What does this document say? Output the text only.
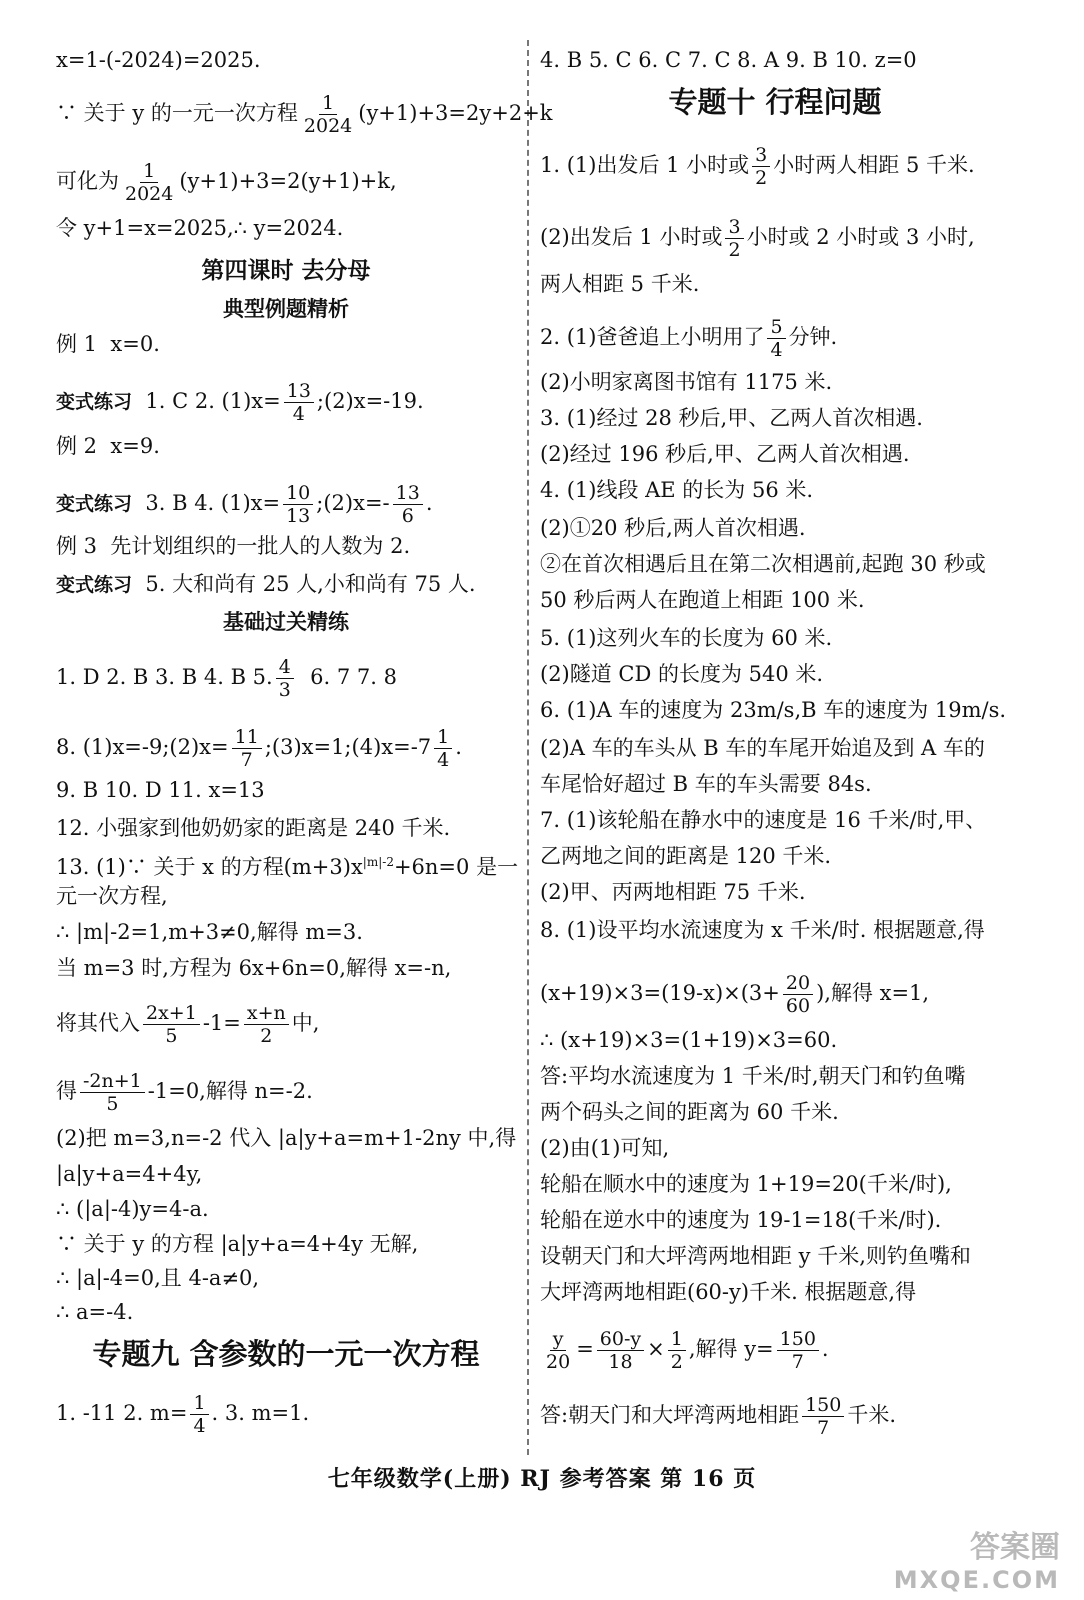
x=1-(-2024)=2025.
∵ 关于 y 的一元一次方程 $\frac{1}{2024} (y+1)+3=2y+2+k$
可化为 $\frac{1}{2024} (y+1)+3=2(y+1)+k$,
令 y+1=x=2025,∴ y=2024.
第四课时 去分母
典型例题精析
例 1 x=0.
变式练习 1. C 2. $(1)x= \frac{13}{4}$ ;(2)x=-19.
例 2 x=9.
变式练习 3. B 4. $(1)x= \frac{10}{13}$ ;(2)x=- $\frac{13}{6}$ .
例 3 先计划组织的一批人的人数为 2.
变式练习 5. 大和尚有 25 人,小和尚有 75 人.
基础过关精练
1. D 2. B 3. B 4. B 5. $\frac{4}{3} 6$. 7 7. 8
8. (1)x=-9;(2)x= $\frac{11}{7}$ ;(3)x=1;(4)x=-7 $\frac{1}{4}$ .
9. B 10. D 11. x=13
12. 小强家到他奶奶家的距离是 240 千米.
13. (1)∵ 关于 x 的方程$(m+3)x^{|m|-2}+6n=0$ 是一
元一次方程,
∴ |m|-2=1,m+3≠0,解得 m=3.
当 m=3 时,方程为 6x+6n=0,解得 x=-n,
将其代入 $\frac{2x+1}{5} -1= \frac{x+n}{2}$ 中,
得 $\frac{-2n+1}{5} -1=0$,解得 n=-2.
(2)把 m=3,n=-2 代入 |a|y+a=m+1-2ny 中,得
|a|y+a=4+4y,
∴ (|a|-4)y=4-a.
∵ 关于 y 的方程 |a|y+a=4+4y 无解,
∴ |a|-4=0,且 4-a≠0,
∴ a=-4.
专题九 含参数的一元一次方程
1. -11 2. $m= \frac{1}{4}$ . 3. m=1.
4. B 5. C 6. C 7. C 8. A 9. B 10. z=0
专题十 行程问题
1. (1)出发后 1 小时或 $\frac{3}{2}$ 小时两人相距 5 千米.
(2)出发后 1 小时或 $\frac{3}{2}$ 小时或 2 小时或 3 小时,
两人相距 5 千米.
2. (1)爸爸追上小明用了 $\frac{5}{4}$ 分钟.
(2)小明家离图书馆有 1175 米.
3. (1)经过 28 秒后,甲、乙两人首次相遇.
(2)经过 196 秒后,甲、乙两人首次相遇.
4. (1)线段 AE 的长为 56 米.
(2)①20 秒后,两人首次相遇.
②在首次相遇后且在第二次相遇前,起跑 30 秒或
50 秒后两人在跑道上相距 100 米.
5. (1)这列火车的长度为 60 米.
(2)隧道 CD 的长度为 540 米.
6. (1)A 车的速度为 23m/s,B 车的速度为 19m/s.
(2)A 车的车头从 B 车的车尾开始追及到 A 车的
车尾恰好超过 B 车的车头需要 84s.
7. (1)该轮船在静水中的速度是 16 千米/时,甲、
乙两地之间的距离是 120 千米.
(2)甲、丙两地相距 75 千米.
8. (1)设平均水流速度为 x 千米/时. 根据题意,得
$(x+19)\times 3=(19-x)\times(3+ \frac{20}{60}$ ),解得 x=1,
∴ (x+19)×3=(1+19)×3=60.
答:平均水流速度为 1 千米/时,朝天门和钓鱼嘴
两个码头之间的距离为 60 千米.
(2)由(1)可知,
轮船在顺水中的速度为 1+19=20(千米/时),
轮船在逆水中的速度为 19-1=18(千米/时).
设朝天门和大坪湾两地相距 y 千米,则钓鱼嘴和
大坪湾两地相距(60-y)千米. 根据题意,得
$\frac{y}{20} = \frac{60-y}{18} \times \frac{1}{2}$ ,解得 $y= \frac{150}{7}$ .
答:朝天门和大坪湾两地相距 $\frac{150}{7}$ 千米.
七年级数学(上册) RJ 参考答案 第 16 页
答案圈
MXQE.COM
